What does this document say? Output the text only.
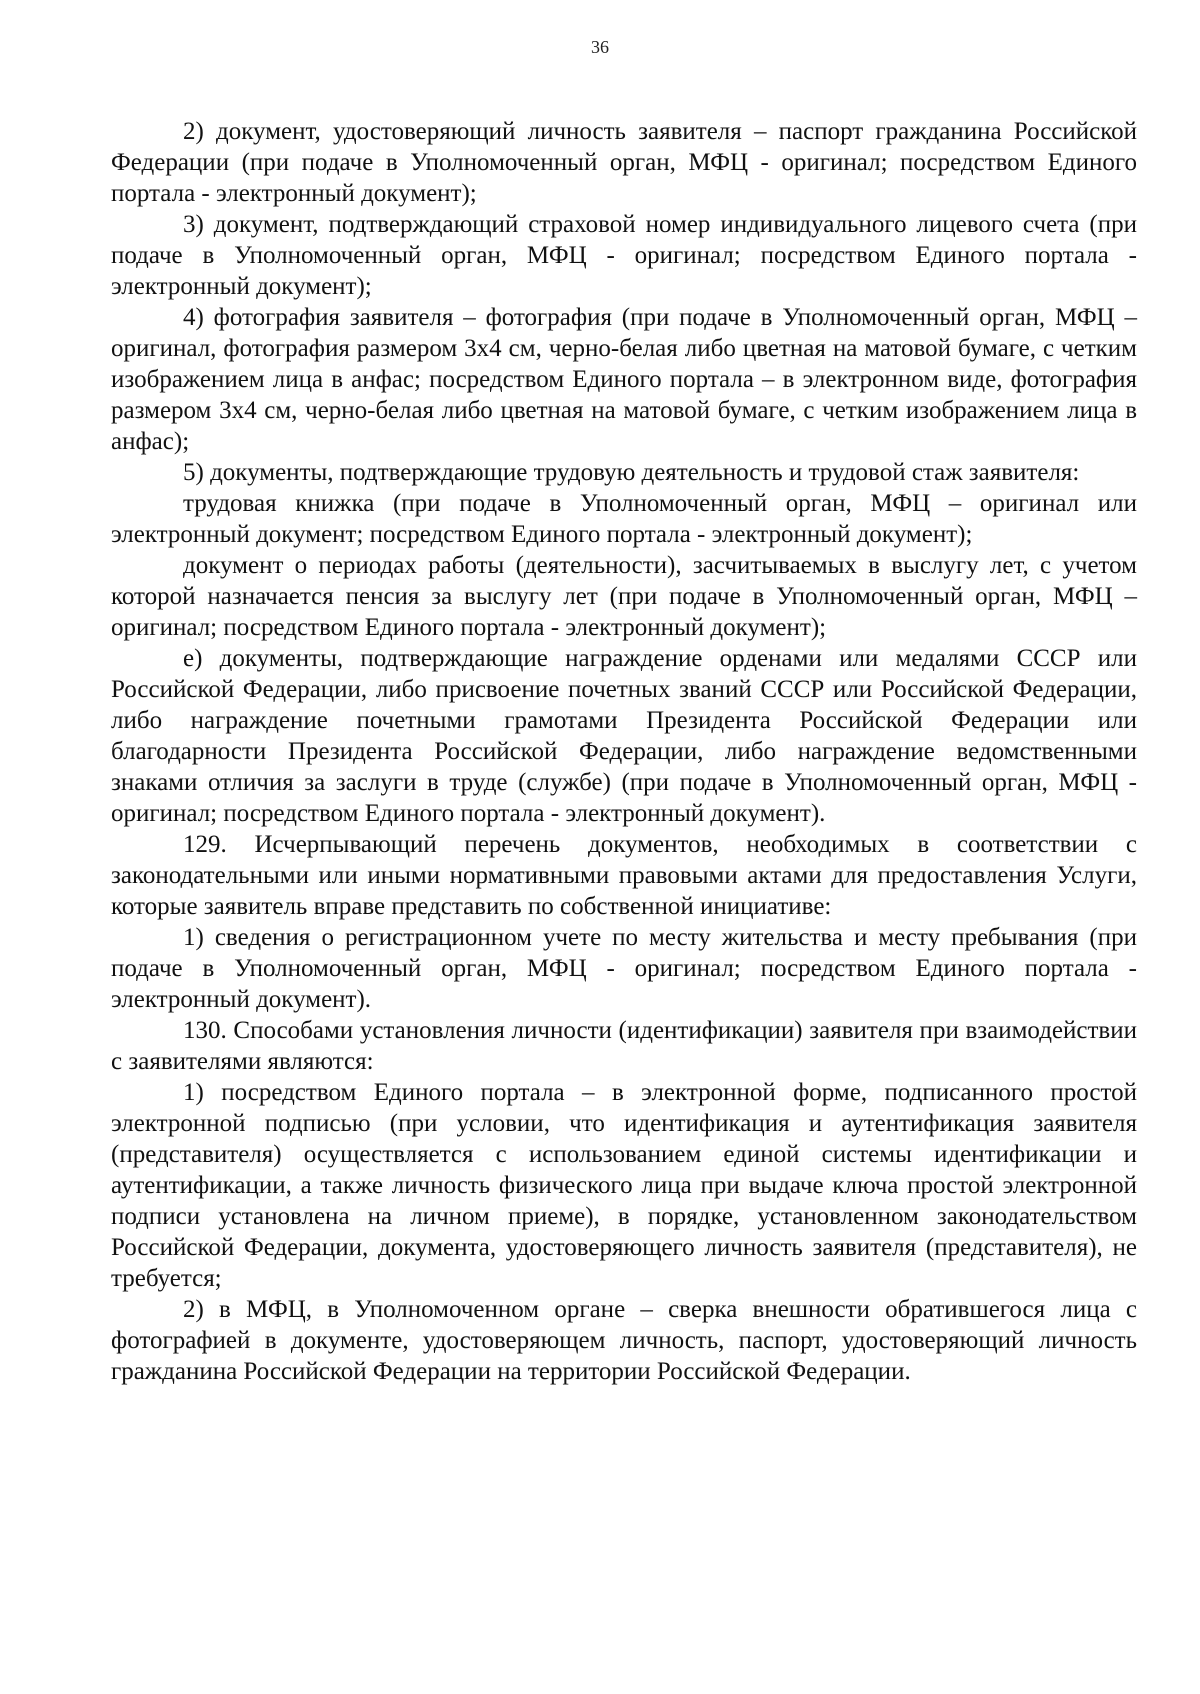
36

2) документ, удостоверяющий личность заявителя – паспорт гражданина Российской Федерации (при подаче в Уполномоченный орган, МФЦ - оригинал; посредством Единого портала - электронный документ);

3) документ, подтверждающий страховой номер индивидуального лицевого счета (при подаче в Уполномоченный орган, МФЦ - оригинал; посредством Единого портала - электронный документ);

4) фотография заявителя – фотография (при подаче в Уполномоченный орган, МФЦ – оригинал, фотография размером 3х4 см, черно-белая либо цветная на матовой бумаге, с четким изображением лица в анфас; посредством Единого портала – в электронном виде, фотография размером 3х4 см, черно-белая либо цветная на матовой бумаге, с четким изображением лица в анфас);

5) документы, подтверждающие трудовую деятельность и трудовой стаж заявителя:

трудовая книжка (при подаче в Уполномоченный орган, МФЦ – оригинал или электронный документ; посредством Единого портала - электронный документ);

документ о периодах работы (деятельности), засчитываемых в выслугу лет, с учетом которой назначается пенсия за выслугу лет (при подаче в Уполномоченный орган, МФЦ – оригинал; посредством Единого портала - электронный документ);

е) документы, подтверждающие награждение орденами или медалями СССР или Российской Федерации, либо присвоение почетных званий СССР или Российской Федерации, либо награждение почетными грамотами Президента Российской Федерации или благодарности Президента Российской Федерации, либо награждение ведомственными знаками отличия за заслуги в труде (службе) (при подаче в Уполномоченный орган, МФЦ - оригинал; посредством Единого портала - электронный документ).

129. Исчерпывающий перечень документов, необходимых в соответствии с законодательными или иными нормативными правовыми актами для предоставления Услуги, которые заявитель вправе представить по собственной инициативе:

1) сведения о регистрационном учете по месту жительства и месту пребывания (при подаче в Уполномоченный орган, МФЦ - оригинал; посредством Единого портала - электронный документ).

130. Способами установления личности (идентификации) заявителя при взаимодействии с заявителями являются:

1) посредством Единого портала – в электронной форме, подписанного простой электронной подписью (при условии, что идентификация и аутентификация заявителя (представителя) осуществляется с использованием единой системы идентификации и аутентификации, а также личность физического лица при выдаче ключа простой электронной подписи установлена на личном приеме), в порядке, установленном законодательством Российской Федерации, документа, удостоверяющего личность заявителя (представителя), не требуется;

2) в МФЦ, в Уполномоченном органе – сверка внешности обратившегося лица с фотографией в документе, удостоверяющем личность, паспорт, удостоверяющий личность гражданина Российской Федерации на территории Российской Федерации.
